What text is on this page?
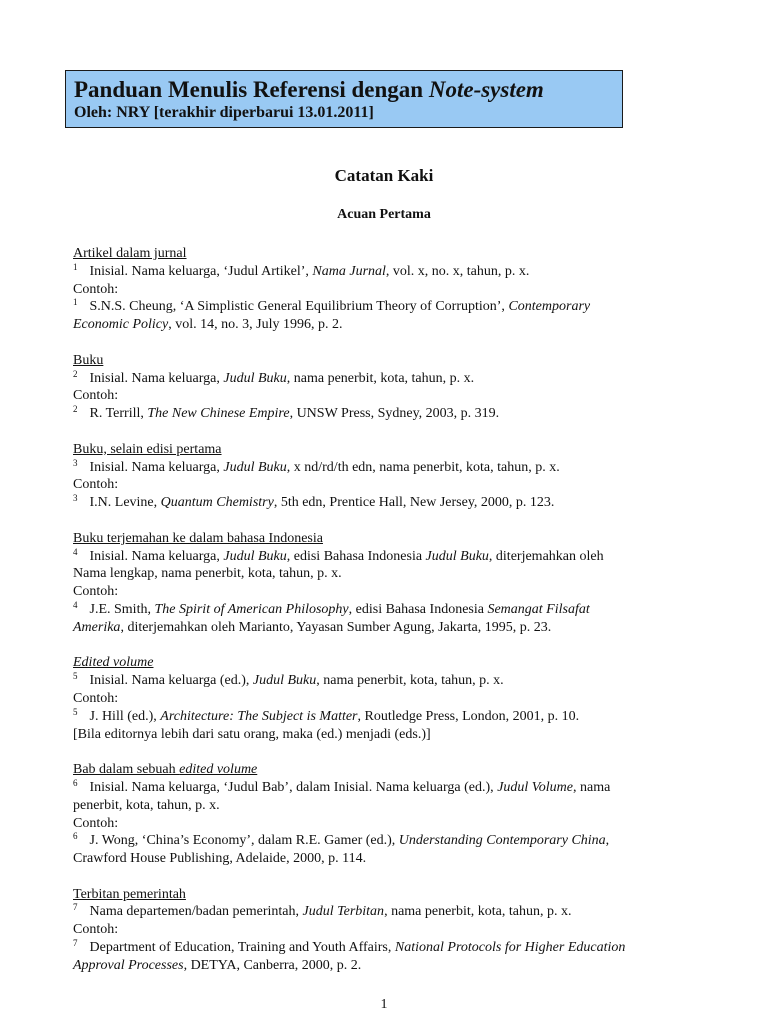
Panduan Menulis Referensi dengan Note-system
Oleh: NRY [terakhir diperbarui 13.01.2011]
Catatan Kaki
Acuan Pertama
Artikel dalam jurnal
$^1$ Inisial. Nama keluarga, ‘Judul Artikel’, Nama Jurnal, vol. x, no. x, tahun, p. x.
Contoh:
$^1$ S.N.S. Cheung, ‘A Simplistic General Equilibrium Theory of Corruption’, Contemporary
Economic Policy, vol. 14, no. 3, July 1996, p. 2.
Buku
$^2$ Inisial. Nama keluarga, Judul Buku, nama penerbit, kota, tahun, p. x.
Contoh:
$^2$ R. Terrill, The New Chinese Empire, UNSW Press, Sydney, 2003, p. 319.
Buku, selain edisi pertama
$^3$ Inisial. Nama keluarga, Judul Buku, x nd/rd/th edn, nama penerbit, kota, tahun, p. x.
Contoh:
$^3$ I.N. Levine, Quantum Chemistry, 5th edn, Prentice Hall, New Jersey, 2000, p. 123.
Buku terjemahan ke dalam bahasa Indonesia
$^4$ Inisial. Nama keluarga, Judul Buku, edisi Bahasa Indonesia Judul Buku, diterjemahkan oleh
Nama lengkap, nama penerbit, kota, tahun, p. x.
Contoh:
$^4$ J.E. Smith, The Spirit of American Philosophy, edisi Bahasa Indonesia Semangat Filsafat
Amerika, diterjemahkan oleh Marianto, Yayasan Sumber Agung, Jakarta, 1995, p. 23.
Edited volume
$^5$ Inisial. Nama keluarga (ed.), Judul Buku, nama penerbit, kota, tahun, p. x.
Contoh:
$^5$ J. Hill (ed.), Architecture: The Subject is Matter, Routledge Press, London, 2001, p. 10.
[Bila editornya lebih dari satu orang, maka (ed.) menjadi (eds.)]
Bab dalam sebuah edited volume
$^6$ Inisial. Nama keluarga, ‘Judul Bab’, dalam Inisial. Nama keluarga (ed.), Judul Volume, nama
penerbit, kota, tahun, p. x.
Contoh:
$^6$ J. Wong, ‘China’s Economy’, dalam R.E. Gamer (ed.), Understanding Contemporary China,
Crawford House Publishing, Adelaide, 2000, p. 114.
Terbitan pemerintah
$^7$ Nama departemen/badan pemerintah, Judul Terbitan, nama penerbit, kota, tahun, p. x.
Contoh:
$^7$ Department of Education, Training and Youth Affairs, National Protocols for Higher Education
Approval Processes, DETYA, Canberra, 2000, p. 2.
1
